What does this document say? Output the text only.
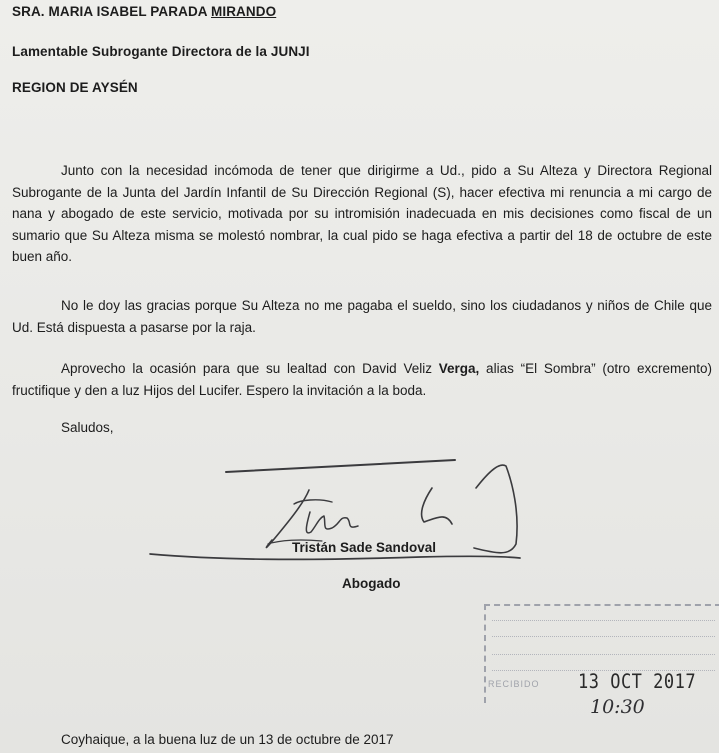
SRA. MARIA ISABEL PARADA MIRANDO
Lamentable Subrogante Directora de la JUNJI
REGION DE AYSÉN
Junto con la necesidad incómoda de tener que dirigirme a Ud., pido a Su Alteza y Directora Regional Subrogante de la Junta del Jardín Infantil de Su Dirección Regional (S), hacer efectiva mi renuncia a mi cargo de nana y abogado de este servicio, motivada por su intromisión inadecuada en mis decisiones como fiscal de un sumario que Su Alteza misma se molestó nombrar, la cual pido se haga efectiva a partir del 18 de octubre de este buen año.
No le doy las gracias porque Su Alteza no me pagaba el sueldo, sino los ciudadanos y niños de Chile que Ud. Está dispuesta a pasarse por la raja.
Aprovecho la ocasión para que su lealtad con David Veliz Verga, alias “El Sombra” (otro excremento) fructifique y den a luz Hijos del Lucifer. Espero la invitación a la boda.
Saludos,
Tristán Sade Sandoval
Abogado
RECIBIDO 13 OCT 2017
10:30
Coyhaique, a la buena luz de un 13 de octubre de 2017
